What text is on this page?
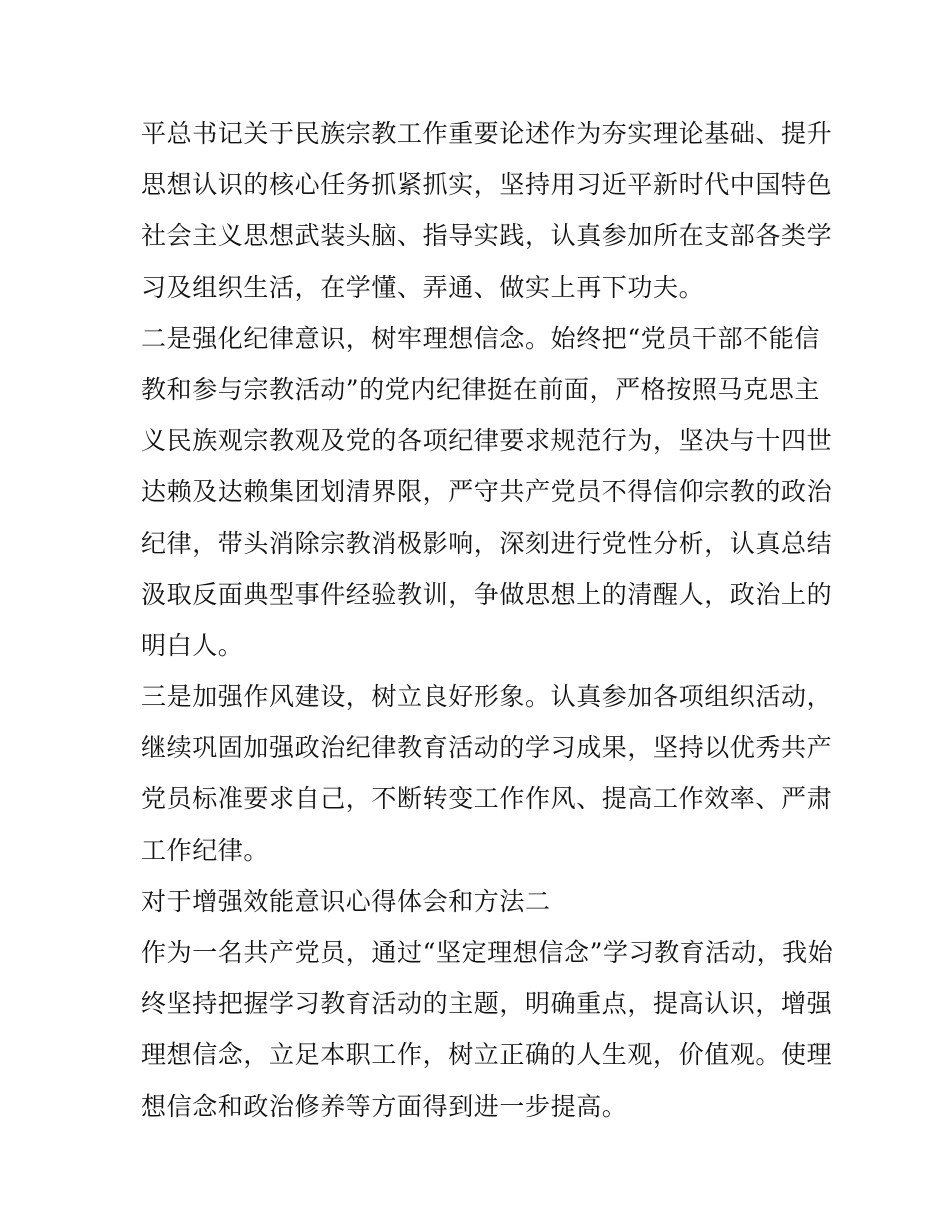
平总书记关于民族宗教工作重要论述作为夯实理论基础、提升
思想认识的核心任务抓紧抓实，坚持用习近平新时代中国特色
社会主义思想武装头脑、指导实践，认真参加所在支部各类学
习及组织生活，在学懂、弄通、做实上再下功夫。
二是强化纪律意识，树牢理想信念。始终把“党员干部不能信
教和参与宗教活动”的党内纪律挺在前面，严格按照马克思主
义民族观宗教观及党的各项纪律要求规范行为，坚决与十四世
达赖及达赖集团划清界限，严守共产党员不得信仰宗教的政治
纪律，带头消除宗教消极影响，深刻进行党性分析，认真总结
汲取反面典型事件经验教训，争做思想上的清醒人，政治上的
明白人。
三是加强作风建设，树立良好形象。认真参加各项组织活动，
继续巩固加强政治纪律教育活动的学习成果，坚持以优秀共产
党员标准要求自己，不断转变工作作风、提高工作效率、严肃
工作纪律。
对于增强效能意识心得体会和方法二
作为一名共产党员，通过“坚定理想信念”学习教育活动，我始
终坚持把握学习教育活动的主题，明确重点，提高认识，增强
理想信念，立足本职工作，树立正确的人生观，价值观。使理
想信念和政治修养等方面得到进一步提高。
